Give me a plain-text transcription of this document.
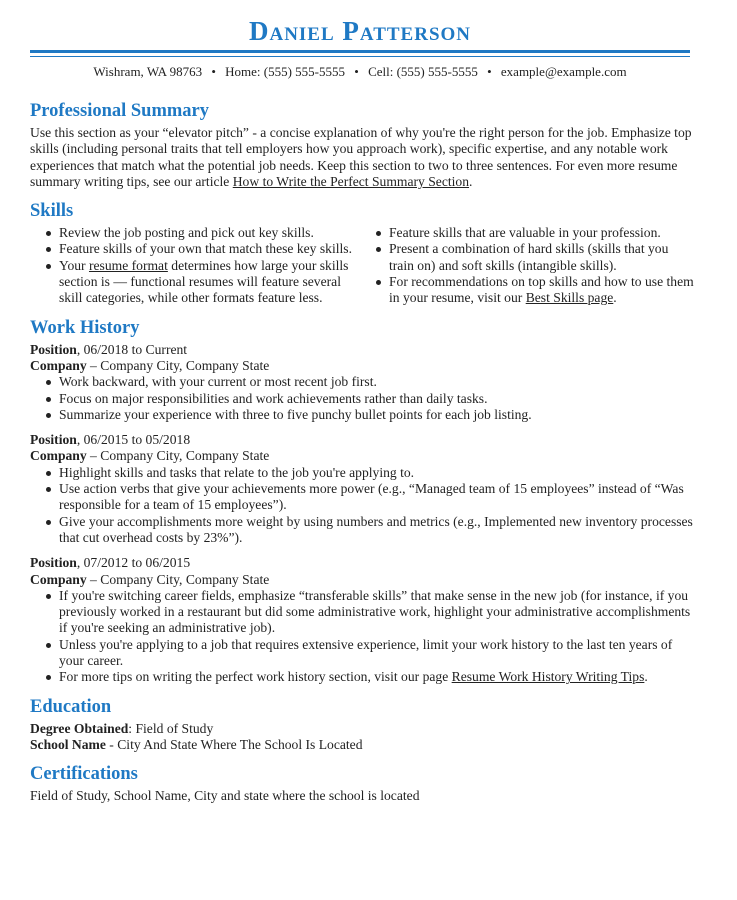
Daniel Patterson
Wishram, WA 98763 • Home: (555) 555-5555 • Cell: (555) 555-5555 • example@example.com
Professional Summary

Use this section as your “elevator pitch” - a concise explanation of why you're the right person for the job. Emphasize top skills (including personal traits that tell employers how you approach work), specific expertise, and any notable work experiences that match what the potential job needs. Keep this section to two to three sentences. For even more resume summary writing tips, see our article How to Write the Perfect Summary Section.

Skills
Review the job posting and pick out key skills.
Feature skills of your own that match these key skills.
Your resume format determines how large your skills section is — functional resumes will feature several skill categories, while other formats feature less.
Feature skills that are valuable in your profession.
Present a combination of hard skills (skills that you train on) and soft skills (intangible skills).
For recommendations on top skills and how to use them in your resume, visit our Best Skills page.
Work History
Position, 06/2018 to Current
Company – Company City, Company State
Work backward, with your current or most recent job first.
Focus on major responsibilities and work achievements rather than daily tasks.
Summarize your experience with three to five punchy bullet points for each job listing.
Position, 06/2015 to 05/2018
Company – Company City, Company State
Highlight skills and tasks that relate to the job you're applying to.
Use action verbs that give your achievements more power (e.g., “Managed team of 15 employees” instead of “Was responsible for a team of 15 employees”).
Give your accomplishments more weight by using numbers and metrics (e.g., Implemented new inventory processes that cut overhead costs by 23%”).
Position, 07/2012 to 06/2015
Company – Company City, Company State
If you're switching career fields, emphasize “transferable skills” that make sense in the new job (for instance, if you previously worked in a restaurant but did some administrative work, highlight your administrative accomplishments if you're seeking an administrative job).
Unless you're applying to a job that requires extensive experience, limit your work history to the last ten years of your career.
For more tips on writing the perfect work history section, visit our page Resume Work History Writing Tips.
Education
Degree Obtained: Field of Study
School Name - City And State Where The School Is Located
Certifications
Field of Study, School Name, City and state where the school is located
